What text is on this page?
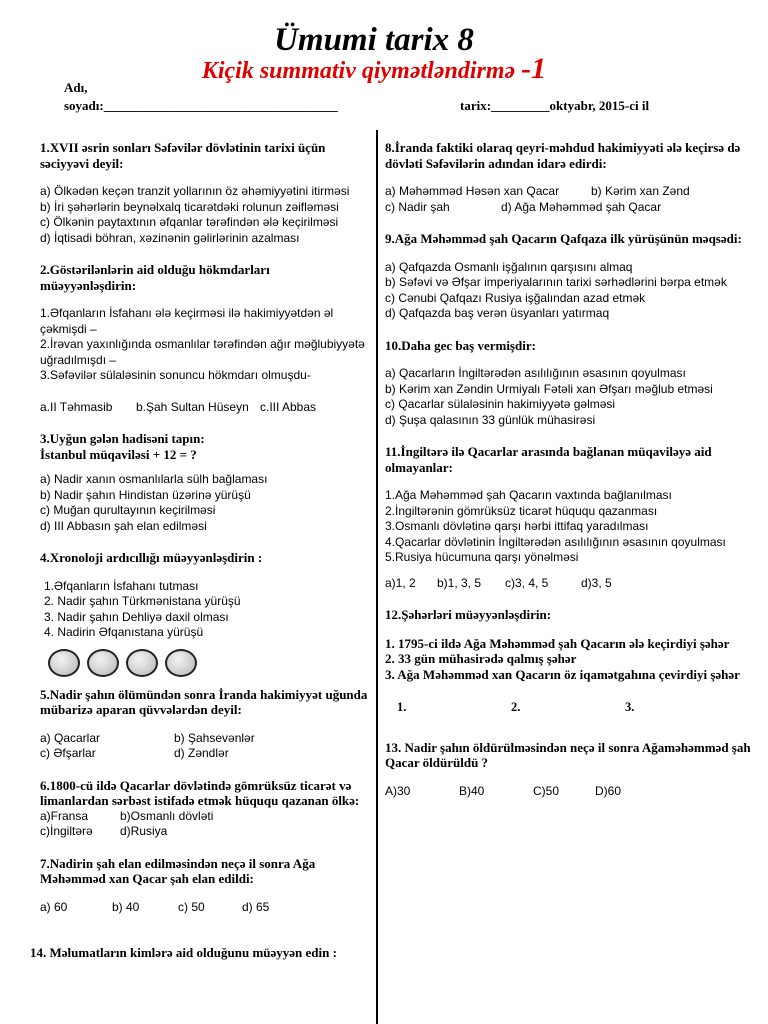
Ümumi tarix 8
Kiçik summativ qiymətləndirmə -1
Adı,
soyadı:____________________________________	tarix:_________oktyabr, 2015-ci il
1.XVII əsrin sonları Səfəvilər dövlətinin tarixi üçün səciyyəvi deyil:
a) Ölkədən keçən tranzit yollarının öz əhəmiyyətini itirməsi
b) İri şəhərlərin beynəlxalq ticarətdəki rolunun zəifləməsi
c) Ölkənin paytaxtının əfqanlar tərəfindən ələ keçirilməsi
d) İqtisadi böhran, xəzinənin gəlirlərinin azalması
2.Göstərilənlərin aid olduğu hökmdarları müəyyənləşdirin:
1.Əfqanların İsfahanı ələ keçirməsi ilə hakimiyyətdən əl çəkmişdi –
2.İrəvan yaxınlığında osmanlılar tərəfindən ağır məğlubiyyətə uğradılmışdı –
3.Səfəvilər sülaləsinin sonuncu hökmdarı olmuşdu-
a.II Təhmasib	b.Şah Sultan Hüseyn c.III Abbas
3.Uyğun gələn hadisəni tapın:
İstanbul müqaviləsi + 12 = ?
a) Nadir xanın osmanlılarla sülh bağlaması
b) Nadir şahın Hindistan üzərinə yürüşü
c) Muğan qurultayının keçirilməsi
d) III Abbasın şah elan edilməsi
4.Xronoloji ardıcıllığı müəyyənləşdirin :
1.Əfqanların İsfahanı tutması
2. Nadir şahın Türkmənistana yürüşü
3. Nadir şahın Dehliyə daxil olması
4. Nadirin Əfqanıstana yürüşü
5.Nadir şahın ölümündən sonra İranda hakimiyyət uğunda mübarizə aparan qüvvələrdən deyil:
a) Qacarlar	b) Şahsevənlər
c) Əfşarlar	d) Zəndlər
6.1800-cü ildə Qacarlar dövlətində gömrüksüz ticarət və limanlardan sərbəst istifadə etmək hüququ qazanan ölkə:
a)Fransa	b)Osmanlı dövləti
c)İngiltərə	d)Rusiya
7.Nadirin şah elan edilməsindən neçə il sonra Ağa Məhəmməd xan Qacar şah elan edildi:
a) 60	b) 40	c) 50	d) 65
14. Məlumatların kimlərə aid olduğunu müəyyən edin :
8.İranda faktiki olaraq qeyri-məhdud hakimiyyəti ələ keçirsə də dövləti Səfəvilərin adından idarə edirdi:
a) Məhəmməd Həsən xan Qacar	b) Kərim xan Zənd
c) Nadir şah	d) Ağa Məhəmməd şah Qacar
9.Ağa Məhəmməd şah Qacarın Qafqaza ilk yürüşünün məqsədi:
a) Qafqazda Osmanlı işğalının qarşısını almaq
b) Səfəvi və Əfşar imperiyalarının tarixi sərhədlərini bərpa etmək
c) Cənubi Qafqazı Rusiya işğalından azad etmək
d) Qafqazda baş verən üsyanları yatırmaq
10.Daha gec baş vermişdir:
a) Qacarların İngiltərədən asılılığının əsasının qoyulması
b) Kərim xan Zəndin Urmiyalı Fətəli xan Əfşarı məğlub etməsi
c) Qacarlar sülaləsinin hakimiyyətə gəlməsi
d) Şuşa qalasının 33 günlük mühasirəsi
11.İngiltərə ilə Qacarlar arasında bağlanan müqaviləyə aid olmayanlar:
1.Ağa Məhəmməd şah Qacarın vaxtında bağlanılması
2.İngiltərənin gömrüksüz ticarət hüququ qazanması
3.Osmanlı dövlətinə qarşı hərbi ittifaq yaradılması
4.Qacarlar dövlətinin İngiltərədən asılılığının əsasının qoyulması
5.Rusiya hücumuna qarşı yönəlməsi
a)1, 2	b)1, 3, 5	c)3, 4, 5	d)3, 5
12.Şəhərləri müəyyənləşdirin:
1. 1795-ci ildə Ağa Məhəmməd şah Qacarın ələ keçirdiyi şəhər
2. 33 gün mühasirədə qalmış şəhər
3. Ağa Məhəmməd xan Qacarın öz iqamətgahına çevirdiyi şəhər
1.	2.	3.
13. Nadir şahın öldürülməsindən neçə il sonra Ağaməhəmməd şah Qacar öldürüldü ?
A)30	B)40	C)50	D)60
